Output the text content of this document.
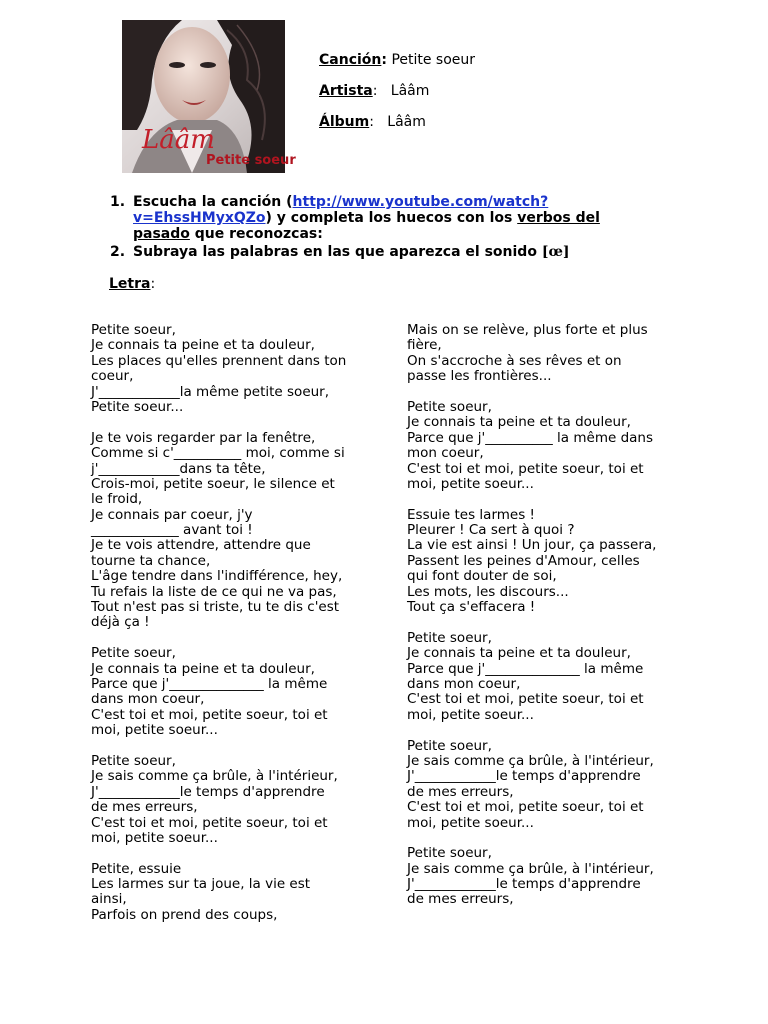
Lââm
Petite soeur
Canción: Petite soeur
Artista: Lââm
Álbum: Lââm
1. Escucha la canción (http://www.youtube.com/watch?v=EhssHMyxQZo) y completa los huecos con los verbos del pasado que reconozcas:
2. Subraya las palabras en las que aparezca el sonido [œ]
Letra:
Petite soeur,
Je connais ta peine et ta douleur,
Les places qu'elles prennent dans ton
coeur,
J'____________la même petite soeur,
Petite soeur...
Je te vois regarder par la fenêtre,
Comme si c'__________ moi, comme si
j'____________dans ta tête,
Crois-moi, petite soeur, le silence et
le froid,
Je connais par coeur, j'y
_____________ avant toi !
Je te vois attendre, attendre que
tourne ta chance,
L'âge tendre dans l'indifférence, hey,
Tu refais la liste de ce qui ne va pas,
Tout n'est pas si triste, tu te dis c'est
déjà ça !
Petite soeur,
Je connais ta peine et ta douleur,
Parce que j'______________ la même
dans mon coeur,
C'est toi et moi, petite soeur, toi et
moi, petite soeur...
Petite soeur,
Je sais comme ça brûle, à l'intérieur,
J'____________le temps d'apprendre
de mes erreurs,
C'est toi et moi, petite soeur, toi et
moi, petite soeur...
Petite, essuie
Les larmes sur ta joue, la vie est
ainsi,
Parfois on prend des coups,
Mais on se relève, plus forte et plus
fière,
On s'accroche à ses rêves et on
passe les frontières...
Petite soeur,
Je connais ta peine et ta douleur,
Parce que j'__________ la même dans
mon coeur,
C'est toi et moi, petite soeur, toi et
moi, petite soeur...
Essuie tes larmes !
Pleurer ! Ca sert à quoi ?
La vie est ainsi ! Un jour, ça passera,
Passent les peines d'Amour, celles
qui font douter de soi,
Les mots, les discours...
Tout ça s'effacera !
Petite soeur,
Je connais ta peine et ta douleur,
Parce que j'______________ la même
dans mon coeur,
C'est toi et moi, petite soeur, toi et
moi, petite soeur...
Petite soeur,
Je sais comme ça brûle, à l'intérieur,
J'____________le temps d'apprendre
de mes erreurs,
C'est toi et moi, petite soeur, toi et
moi, petite soeur...
Petite soeur,
Je sais comme ça brûle, à l'intérieur,
J'____________le temps d'apprendre
de mes erreurs,
